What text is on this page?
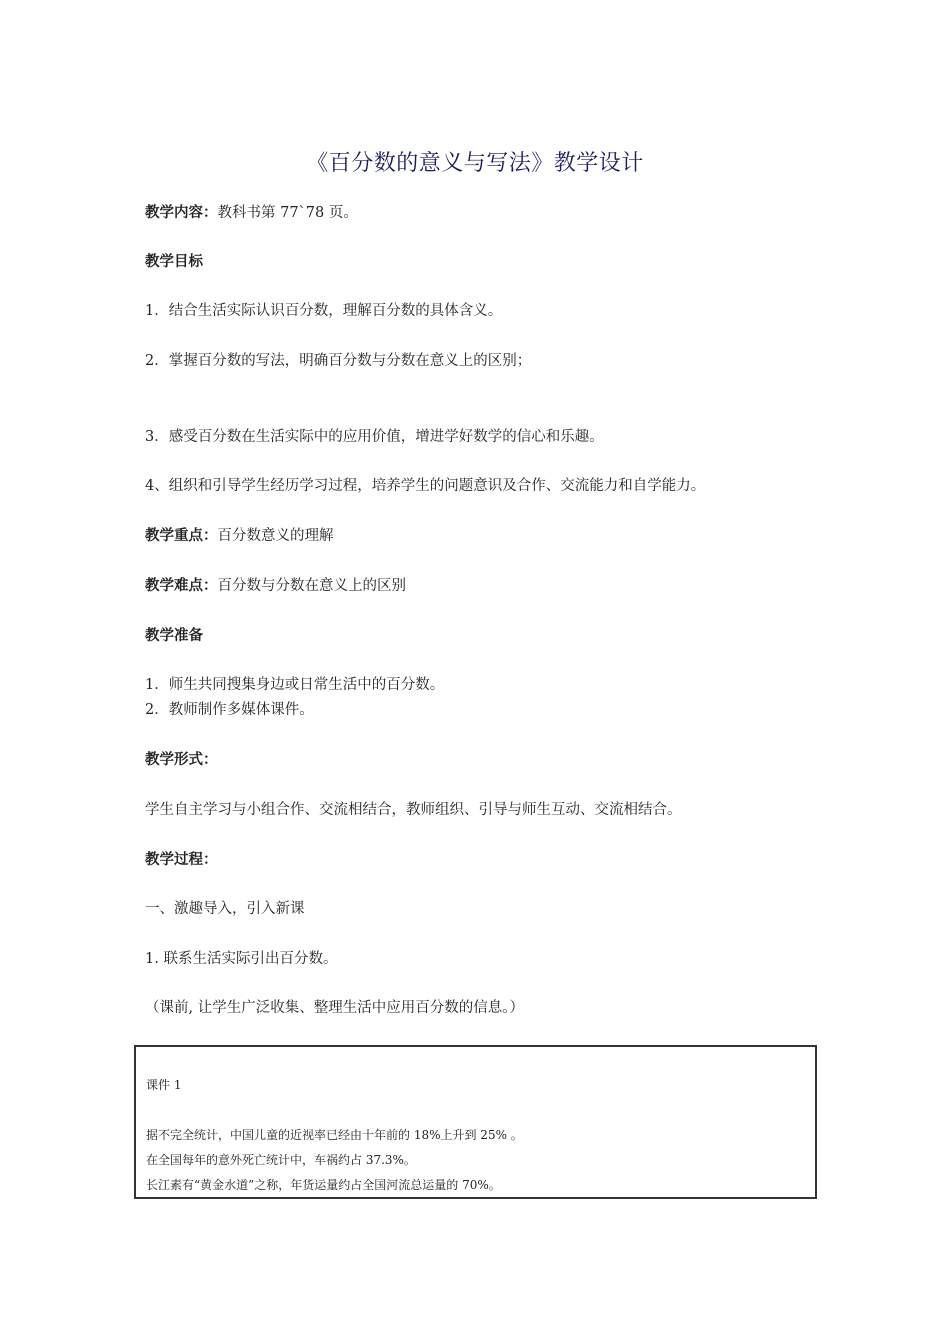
《百分数的意义与写法》教学设计
教学内容：教科书第 77`78 页。
教学目标
1．结合生活实际认识百分数，理解百分数的具体含义。
2．掌握百分数的写法，明确百分数与分数在意义上的区别；
3．感受百分数在生活实际中的应用价值，增进学好数学的信心和乐趣。
4、组织和引导学生经历学习过程，培养学生的问题意识及合作、交流能力和自学能力。
教学重点：百分数意义的理解
教学难点：百分数与分数在意义上的区别
教学准备
1．师生共同搜集身边或日常生活中的百分数。
2．教师制作多媒体课件。
教学形式：
学生自主学习与小组合作、交流相结合，教师组织、引导与师生互动、交流相结合。
教学过程：
一、激趣导入，引入新课
1. 联系生活实际引出百分数。
（课前, 让学生广泛收集、整理生活中应用百分数的信息。）
课件 1
据不完全统计，中国儿童的近视率已经由十年前的 18%上升到 25% 。
在全国每年的意外死亡统计中，车祸约占 37.3%。
长江素有“黄金水道”之称，年货运量约占全国河流总运量的 70%。
